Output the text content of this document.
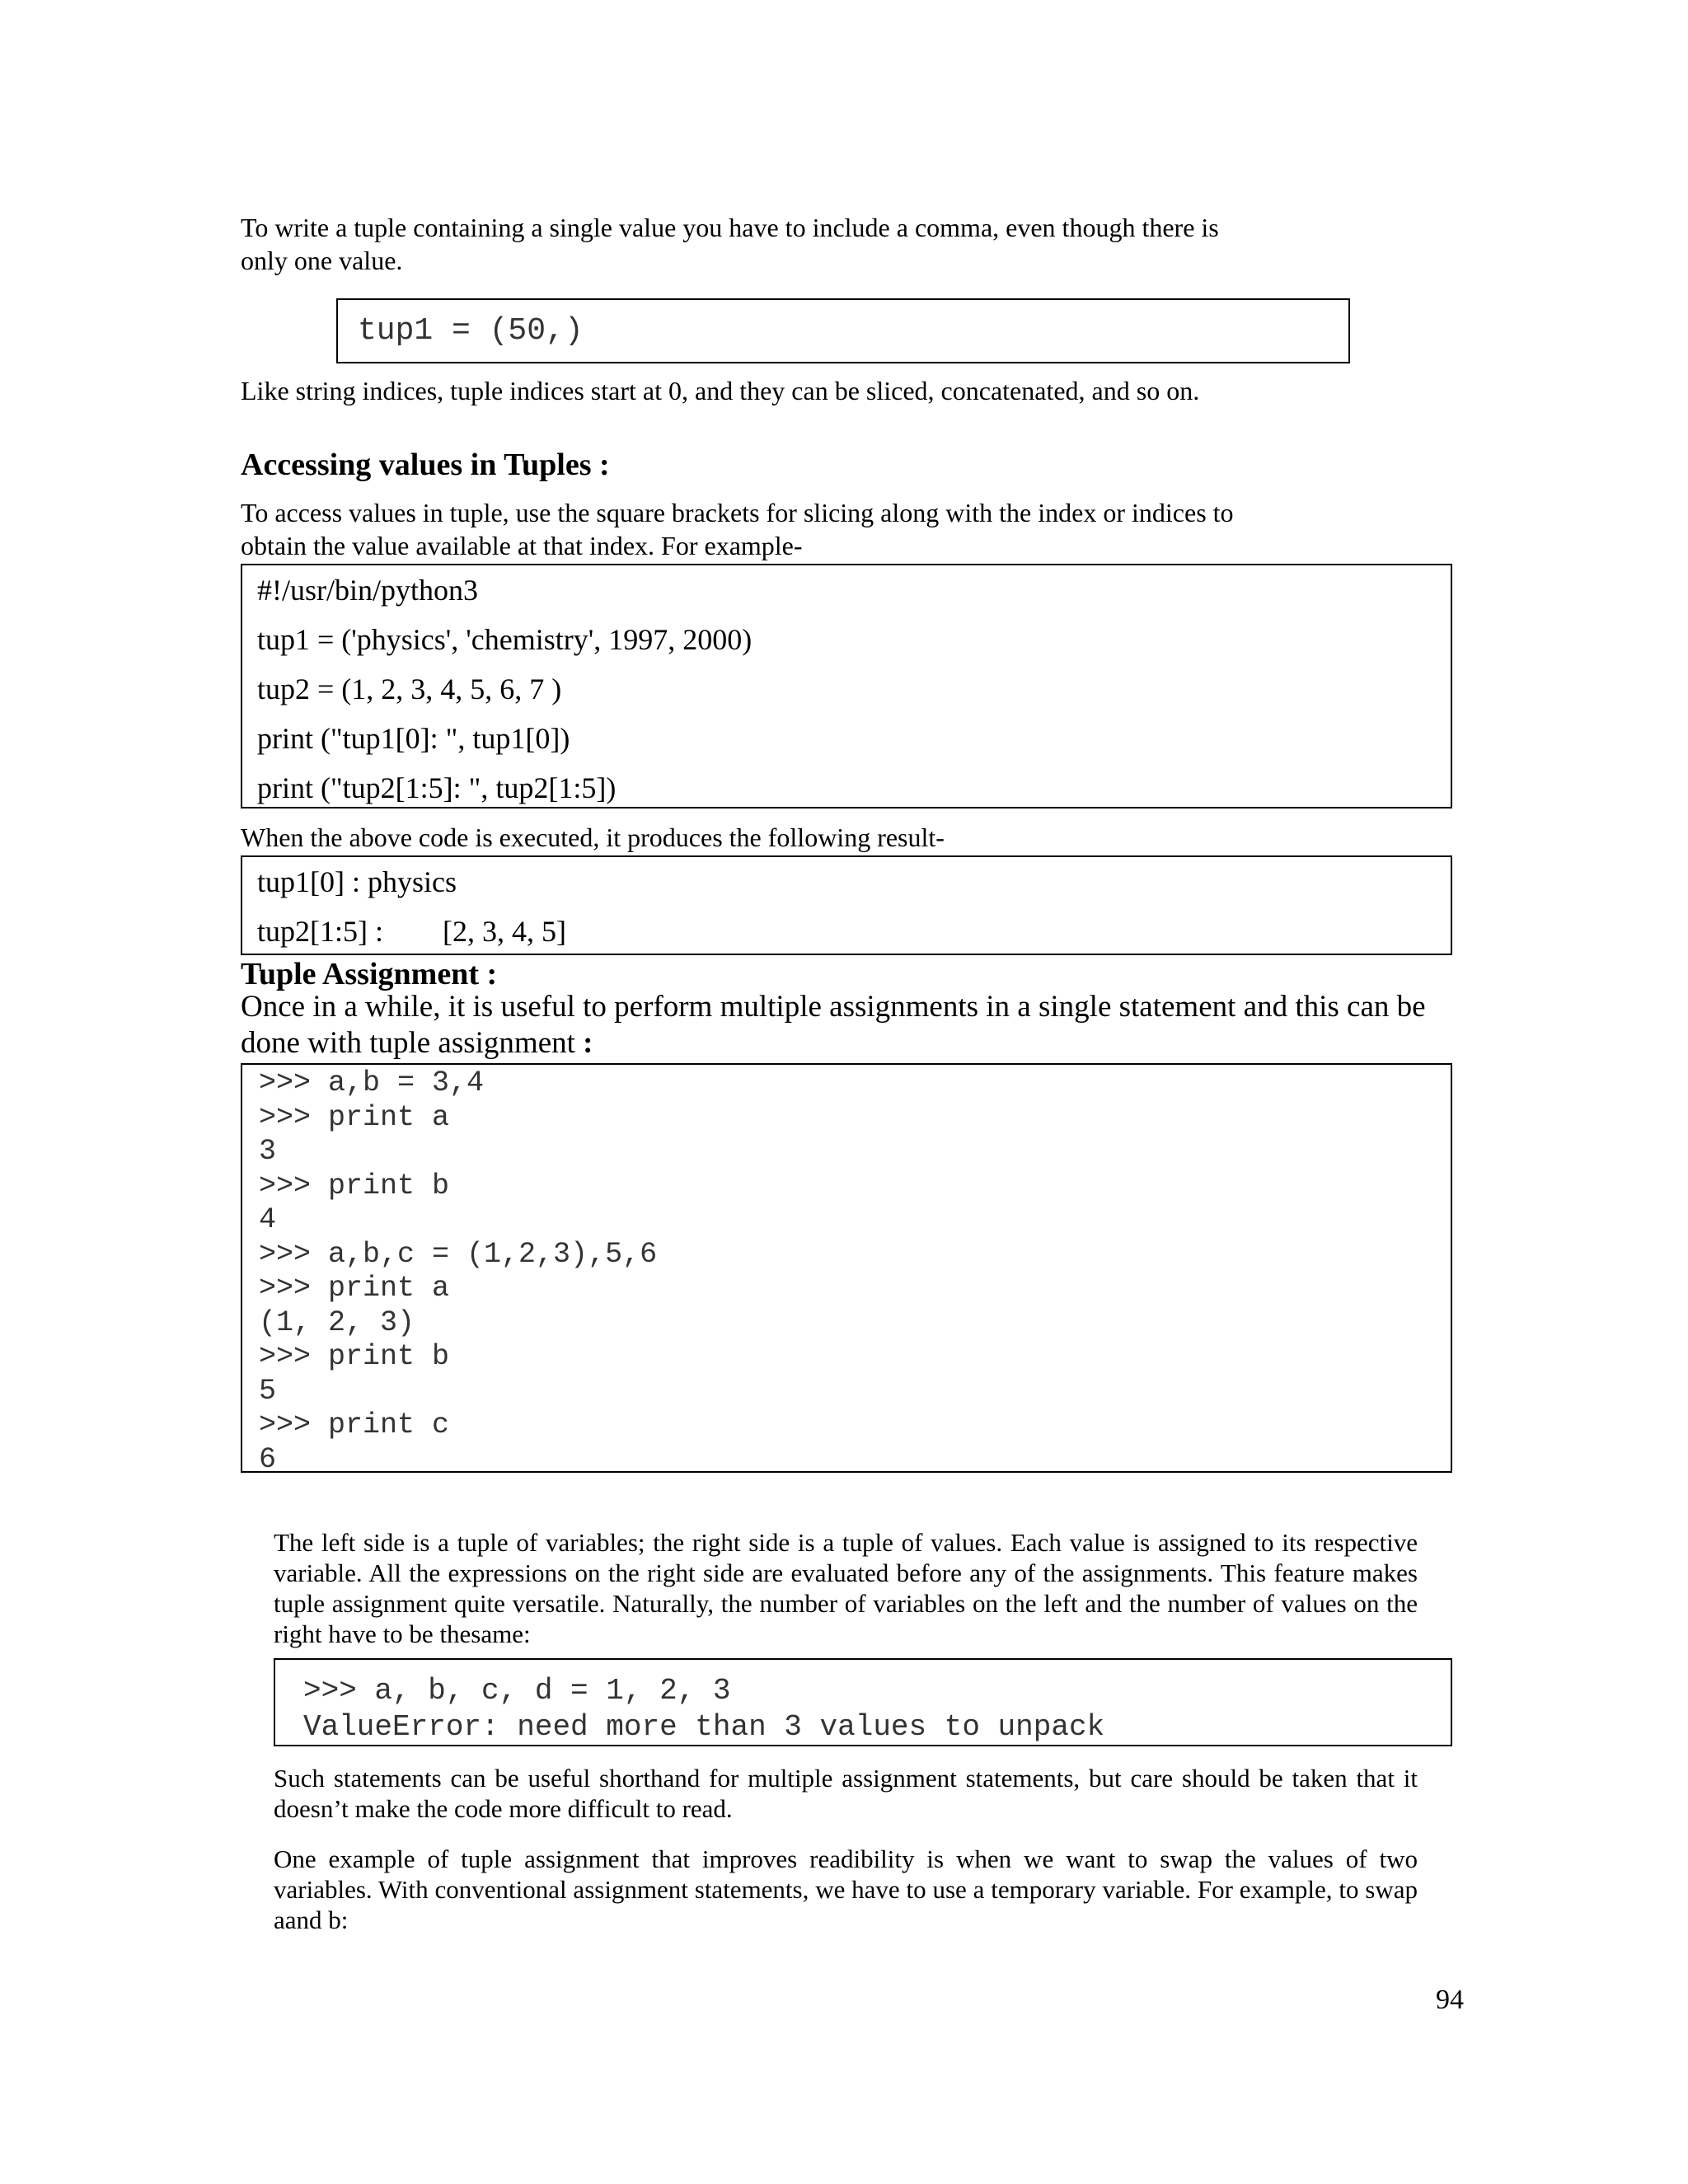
To write a tuple containing a single value you have to include a comma, even though there is
only one value.

tup1 = (50,)

Like string indices, tuple indices start at 0, and they can be sliced, concatenated, and so on.

Accessing values in Tuples :

To access values in tuple, use the square brackets for slicing along with the index or indices to
obtain the value available at that index. For example-

#!/usr/bin/python3

tup1 = ('physics', 'chemistry', 1997, 2000)

tup2 = (1, 2, 3, 4, 5, 6, 7 )

print ("tup1[0]: ", tup1[0])

print ("tup2[1:5]: ", tup2[1:5])

When the above code is executed, it produces the following result-

tup1[0] : physics

tup2[1:5] :        [2, 3, 4, 5]

Tuple Assignment :

Once in a while, it is useful to perform multiple assignments in a single statement and this can be
done with tuple assignment :

>>> a,b = 3,4

>>> print a

3

>>> print b

4

>>> a,b,c = (1,2,3),5,6

>>> print a

(1, 2, 3)

>>> print b

5

>>> print c

6

The left side is a tuple of variables; the right side is a tuple of values. Each value is assigned to its respective variable. All the expressions on the right side are evaluated before any of the assignments. This feature makes tuple assignment quite versatile. Naturally, the number of variables on the left and the number of values on the right have to be thesame:

>>> a, b, c, d = 1, 2, 3

ValueError: need more than 3 values to unpack

Such statements can be useful shorthand for multiple assignment statements, but care should be taken that it doesn’t make the code more difficult to read.

One example of tuple assignment that improves readibility is when we want to swap the values of two variables. With conventional assignment statements, we have to use a temporary variable. For example, to swap aand b:

94
